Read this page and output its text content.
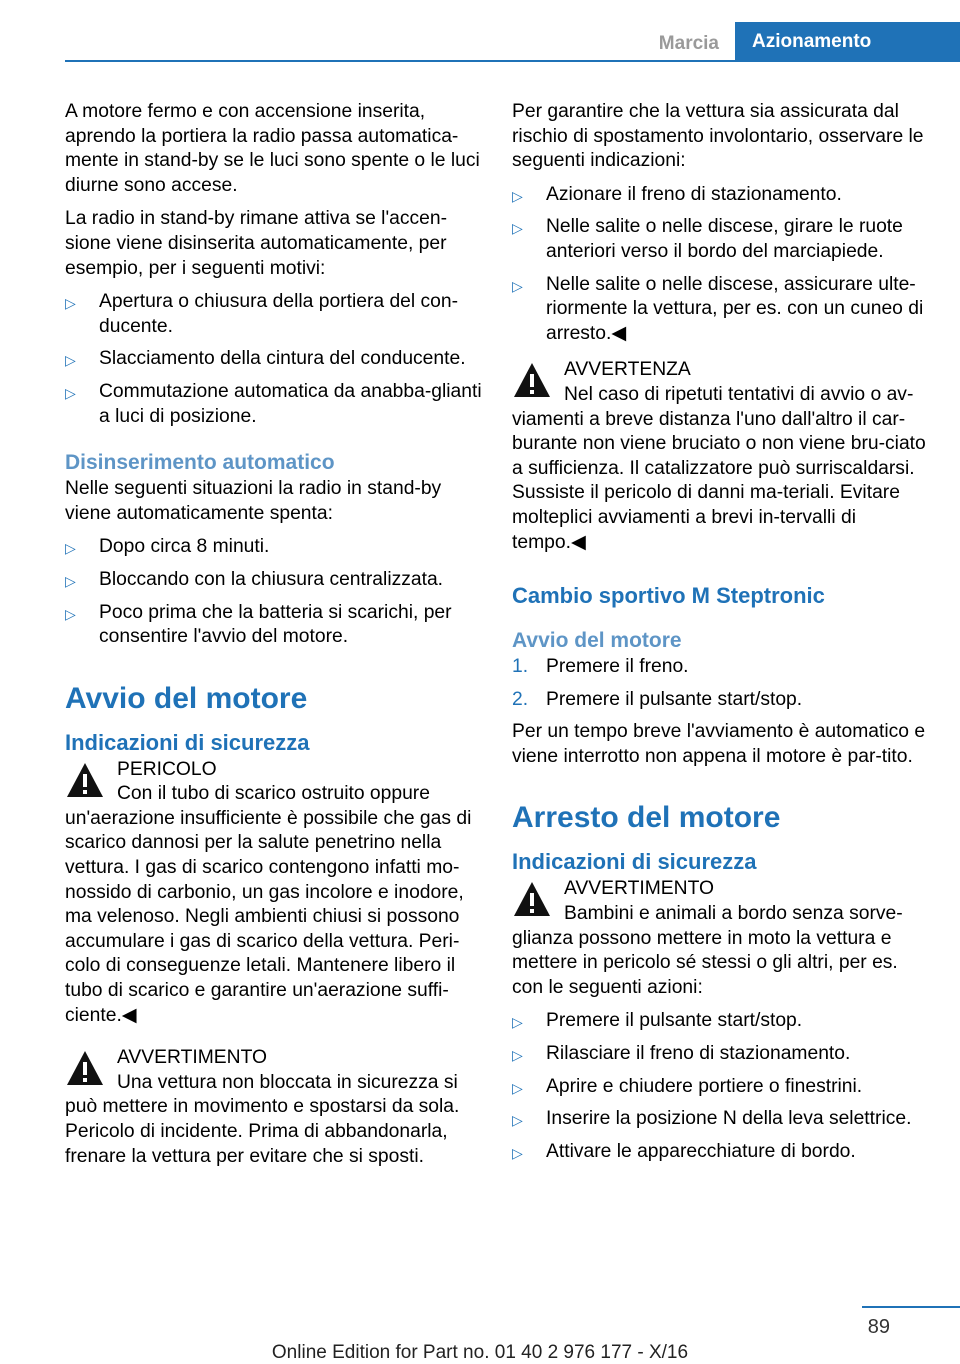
Marcia	Azionamento

A motore fermo e con accensione inserita, aprendo la portiera la radio passa automatica‐mente in stand-by se le luci sono spente o le luci diurne sono accese.

La radio in stand-by rimane attiva se l'accen‐sione viene disinserita automaticamente, per esempio, per i seguenti motivi:

▷ Apertura o chiusura della portiera del con‐ducente.
▷ Slacciamento della cintura del conducente.
▷ Commutazione automatica da anabba‐glianti a luci di posizione.
Disinserimento automatico

Nelle seguenti situazioni la radio in stand-by viene automaticamente spenta:

▷ Dopo circa 8 minuti.
▷ Bloccando con la chiusura centralizzata.
▷ Poco prima che la batteria si scarichi, per consentire l'avvio del motore.
Avvio del motore
Indicazioni di sicurezza
PERICOLO
Con il tubo di scarico ostruito oppure un'aerazione insufficiente è possibile che gas di scarico dannosi per la salute penetrino nella vettura. I gas di scarico contengono infatti mo‐nossido di carbonio, un gas incolore e inodore, ma velenoso. Negli ambienti chiusi si possono accumulare i gas di scarico della vettura. Peri‐colo di conseguenze letali. Mantenere libero il tubo di scarico e garantire un'aerazione suffi‐ciente.◀
AVVERTIMENTO
Una vettura non bloccata in sicurezza si può mettere in movimento e spostarsi da sola. Pericolo di incidente. Prima di abbandonarla, frenare la vettura per evitare che si sposti.

Per garantire che la vettura sia assicurata dal rischio di spostamento involontario, osservare le seguenti indicazioni:

▷ Azionare il freno di stazionamento.
▷ Nelle salite o nelle discese, girare le ruote anteriori verso il bordo del marciapiede.
▷ Nelle salite o nelle discese, assicurare ulte‐riormente la vettura, per es. con un cuneo di arresto.◀
AVVERTENZA
Nel caso di ripetuti tentativi di avvio o av‐viamenti a breve distanza l'uno dall'altro il car‐burante non viene bruciato o non viene bru‐ciato a sufficienza. Il catalizzatore può surriscaldarsi. Sussiste il pericolo di danni ma‐teriali. Evitare molteplici avviamenti a brevi in‐tervalli di tempo.◀
Cambio sportivo M Steptronic
Avvio del motore
1. Premere il freno.
2. Premere il pulsante start/stop.

Per un tempo breve l'avviamento è automatico e viene interrotto non appena il motore è par‐tito.

Arresto del motore
Indicazioni di sicurezza
AVVERTIMENTO
Bambini e animali a bordo senza sorve‐glianza possono mettere in moto la vettura e mettere in pericolo sé stessi o gli altri, per es. con le seguenti azioni:
▷ Premere il pulsante start/stop.
▷ Rilasciare il freno di stazionamento.
▷ Aprire e chiudere portiere o finestrini.
▷ Inserire la posizione N della leva selettrice.
▷ Attivare le apparecchiature di bordo.
89
Online Edition for Part no. 01 40 2 976 177 - X/16
